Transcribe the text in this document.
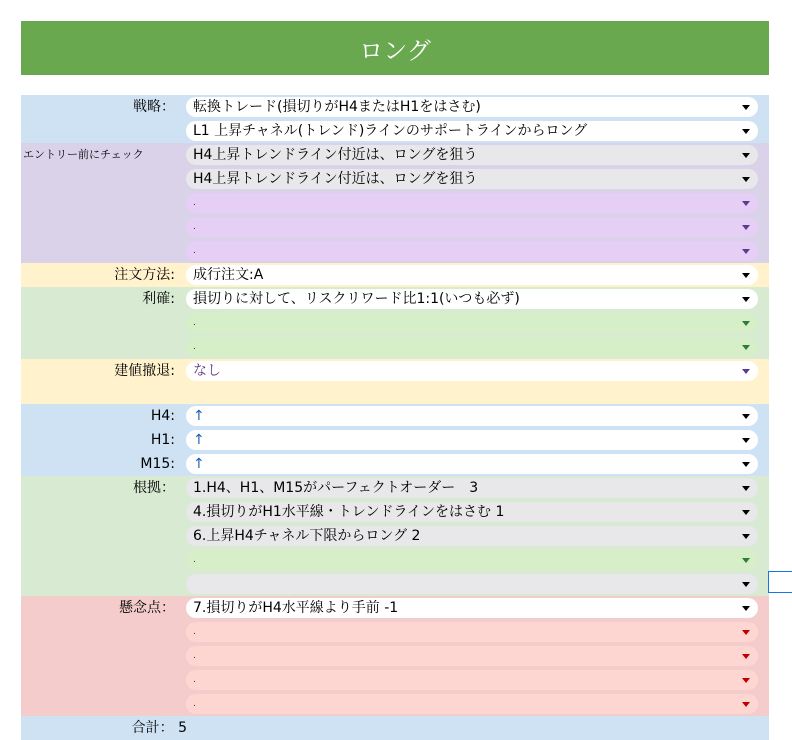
ロング
戦略：	転換トレード(損切りがH4またはH1をはさむ)
L1 上昇チャネル(トレンド)ラインのサポートラインからロング
エントリー前にチェック	H4上昇トレンドライン付近は、ロングを狙う
H4上昇トレンドライン付近は、ロングを狙う
.
.
.
注文方法:	成行注文:A
利確:	損切りに対して、リスクリワード比1:1(いつも必ず)
.
.
建値撤退:	なし
H4:	↑
H1:	↑
M15:	↑
根拠：	1.H4、H1、M15がパーフェクトオーダー　3
4.損切りがH1水平線・トレンドラインをはさむ 1
6.上昇H4チャネル下限からロング 2
.
懸念点：	7.損切りがH4水平線より手前 -1
.
.
.
.
合計： 5
